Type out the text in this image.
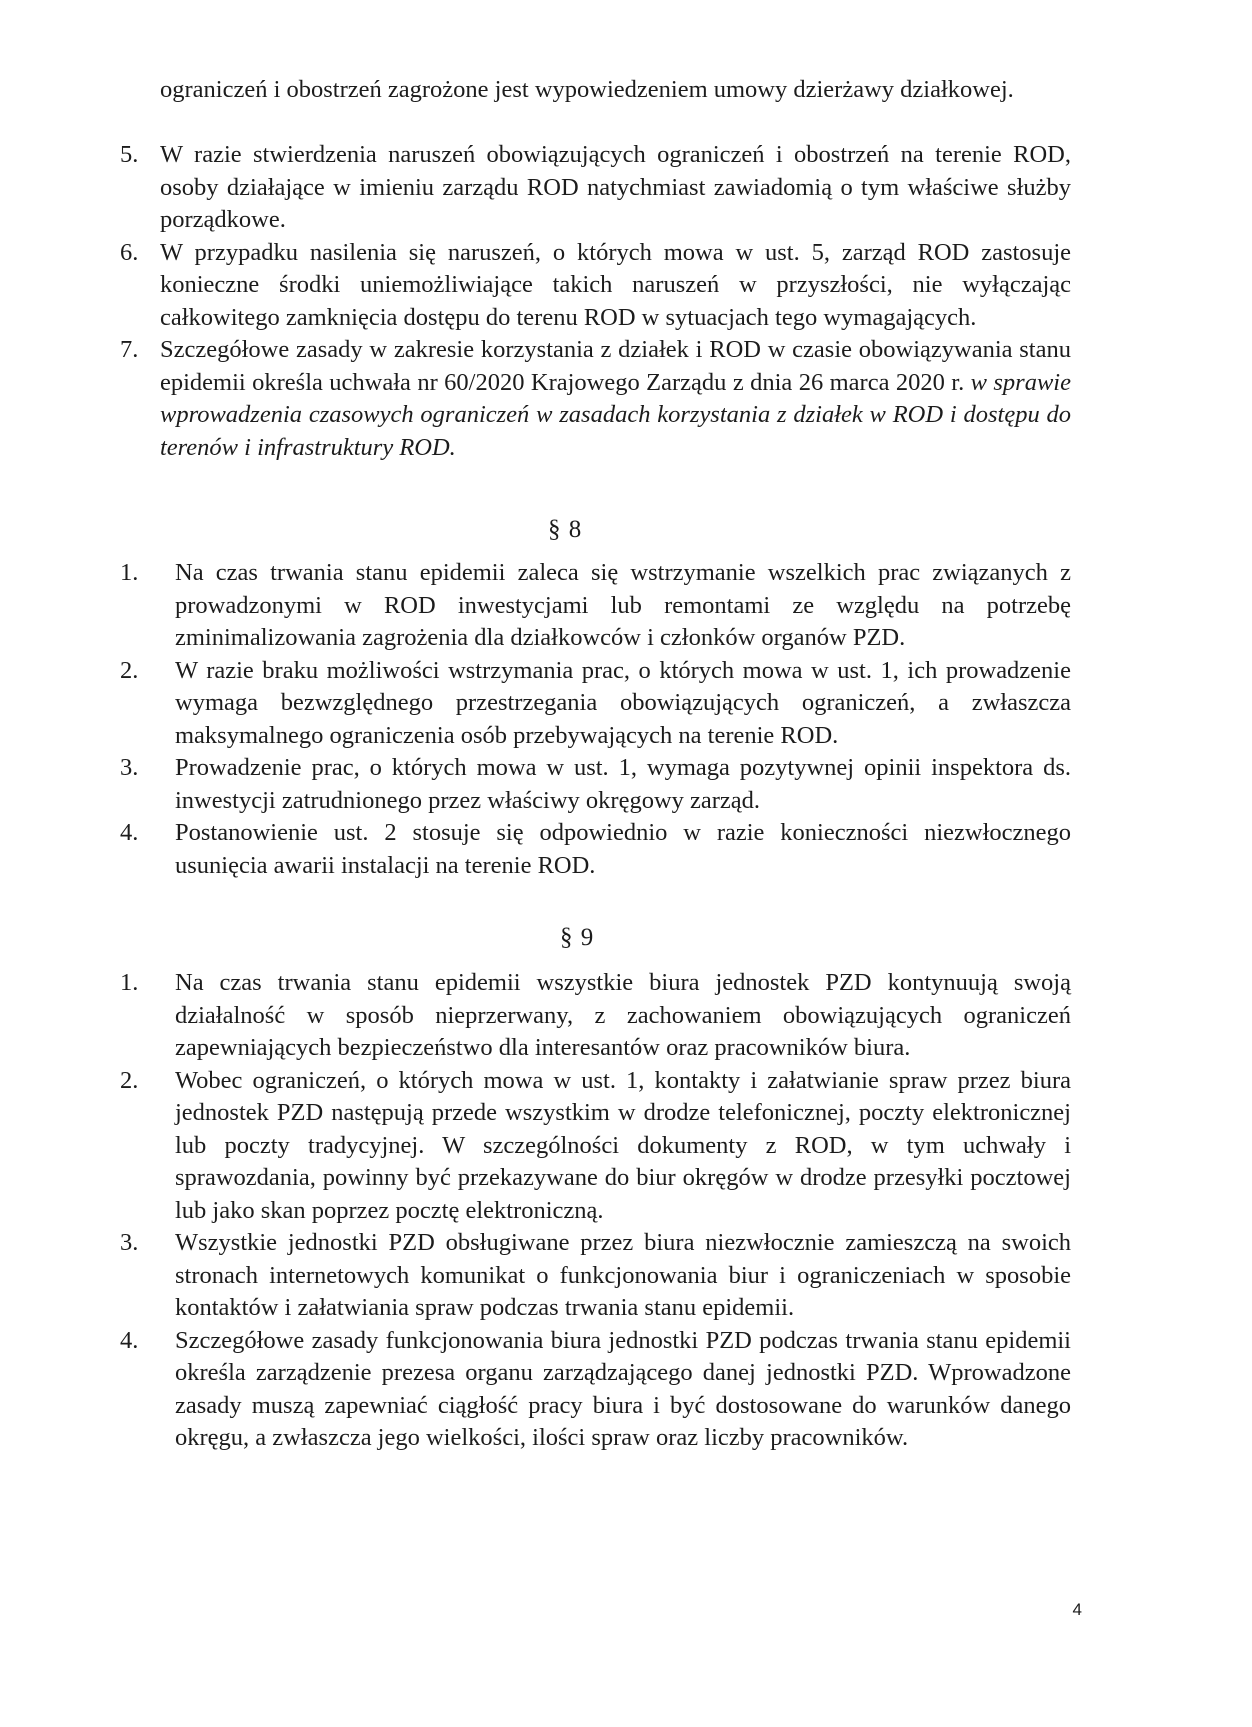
ograniczeń i obostrzeń zagrożone jest wypowiedzeniem umowy dzierżawy działkowej.

5. W razie stwierdzenia naruszeń obowiązujących ograniczeń i obostrzeń na terenie ROD, osoby działające w imieniu zarządu ROD natychmiast zawiadomią o tym właściwe służby porządkowe.
6. W przypadku nasilenia się naruszeń, o których mowa w ust. 5, zarząd ROD zastosuje konieczne środki uniemożliwiające takich naruszeń w przyszłości, nie wyłączając całkowitego zamknięcia dostępu do terenu ROD w sytuacjach tego wymagających.
7. Szczegółowe zasady w zakresie korzystania z działek i ROD w czasie obowiązywania stanu epidemii określa uchwała nr 60/2020 Krajowego Zarządu z dnia 26 marca 2020 r. w sprawie wprowadzenia czasowych ograniczeń w zasadach korzystania z działek w ROD i dostępu do terenów i infrastruktury ROD.
§ 8
1. Na czas trwania stanu epidemii zaleca się wstrzymanie wszelkich prac związanych z prowadzonymi w ROD inwestycjami lub remontami ze względu na potrzebę zminimalizowania zagrożenia dla działkowców i członków organów PZD.
2. W razie braku możliwości wstrzymania prac, o których mowa w ust. 1, ich prowadzenie wymaga bezwzględnego przestrzegania obowiązujących ograniczeń, a zwłaszcza maksymalnego ograniczenia osób przebywających na terenie ROD.
3. Prowadzenie prac, o których mowa w ust. 1, wymaga pozytywnej opinii inspektora ds. inwestycji zatrudnionego przez właściwy okręgowy zarząd.
4. Postanowienie ust. 2 stosuje się odpowiednio w razie konieczności niezwłocznego usunięcia awarii instalacji na terenie ROD.
§ 9
1. Na czas trwania stanu epidemii wszystkie biura jednostek PZD kontynuują swoją działalność w sposób nieprzerwany, z zachowaniem obowiązujących ograniczeń zapewniających bezpieczeństwo dla interesantów oraz pracowników biura.
2. Wobec ograniczeń, o których mowa w ust. 1, kontakty i załatwianie spraw przez biura jednostek PZD następują przede wszystkim w drodze telefonicznej, poczty elektronicznej lub poczty tradycyjnej. W szczególności dokumenty z ROD, w tym uchwały i sprawozdania, powinny być przekazywane do biur okręgów w drodze przesyłki pocztowej lub jako skan poprzez pocztę elektroniczną.
3. Wszystkie jednostki PZD obsługiwane przez biura niezwłocznie zamieszczą na swoich stronach internetowych komunikat o funkcjonowania biur i ograniczeniach w sposobie kontaktów i załatwiania spraw podczas trwania stanu epidemii.
4. Szczegółowe zasady funkcjonowania biura jednostki PZD podczas trwania stanu epidemii określa zarządzenie prezesa organu zarządzającego danej jednostki PZD. Wprowadzone zasady muszą zapewniać ciągłość pracy biura i być dostosowane do warunków danego okręgu, a zwłaszcza jego wielkości, ilości spraw oraz liczby pracowników.
4
